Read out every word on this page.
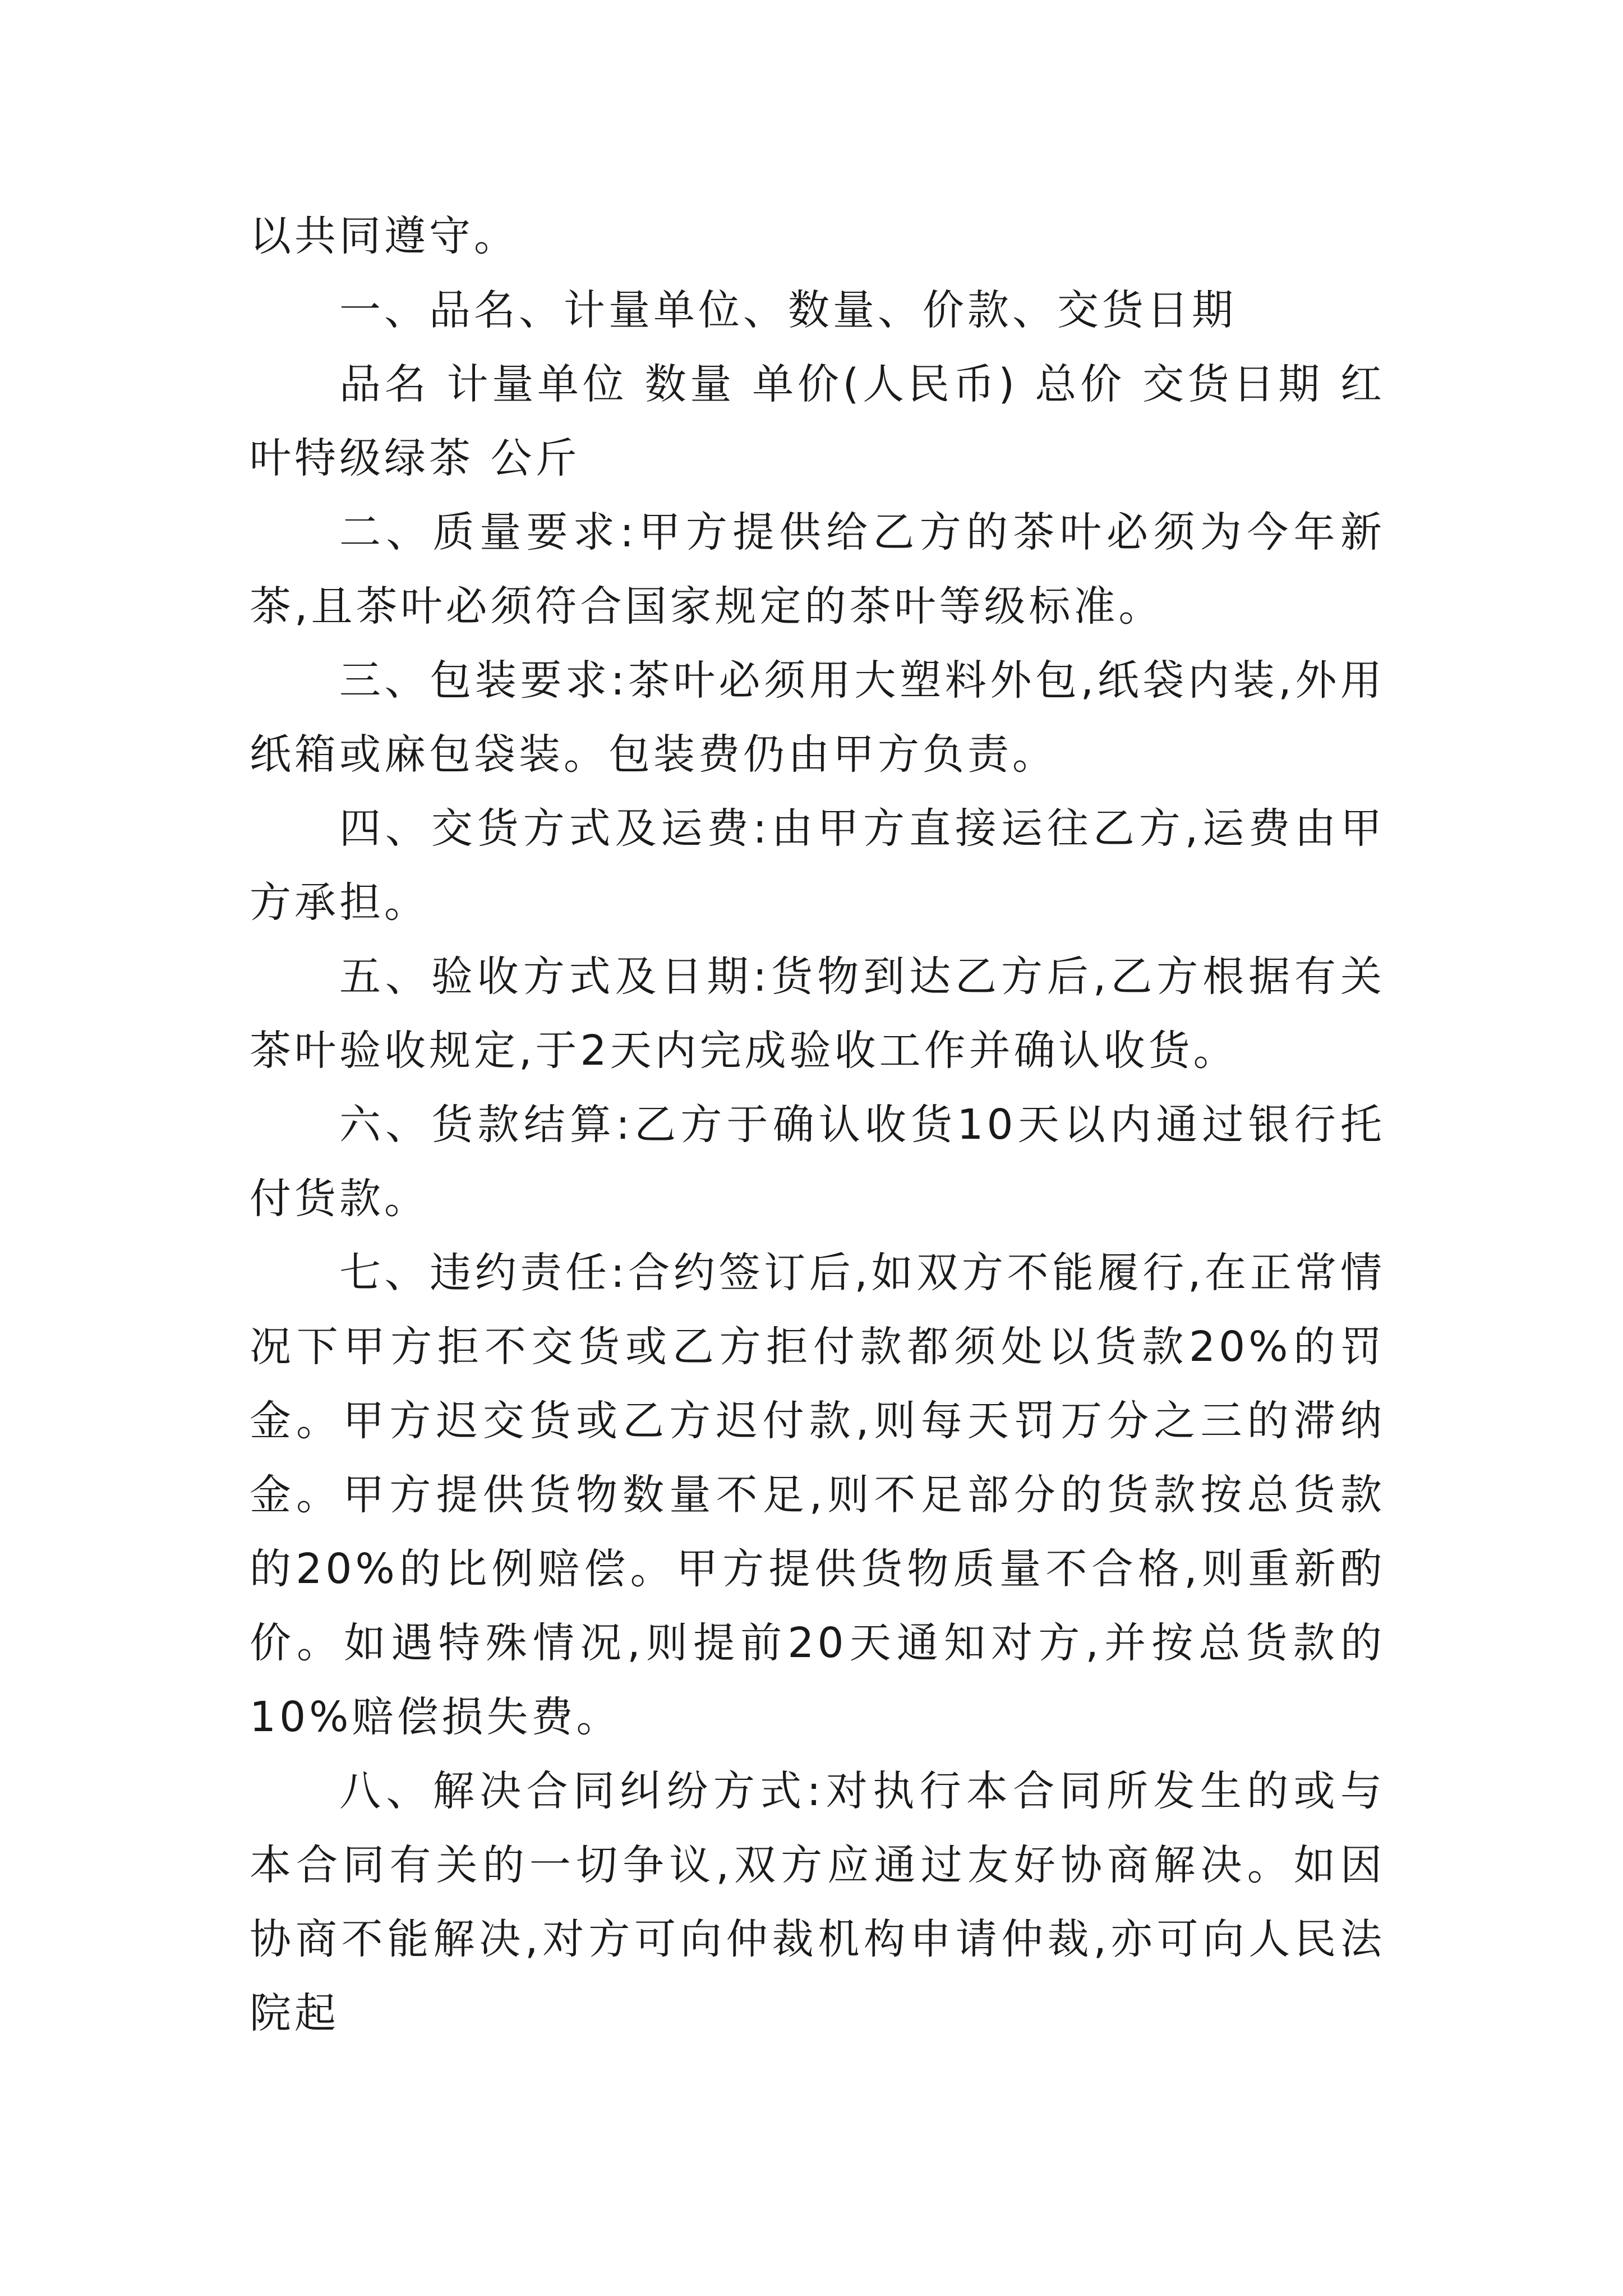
以共同遵守。

一、品名、计量单位、数量、价款、交货日期

品名 计量单位 数量 单价(人民币) 总价 交货日期 红叶特级绿茶 公斤

二、质量要求:甲方提供给乙方的茶叶必须为今年新茶,且茶叶必须符合国家规定的茶叶等级标准。

三、包装要求:茶叶必须用大塑料外包,纸袋内装,外用纸箱或麻包袋装。包装费仍由甲方负责。

四、交货方式及运费:由甲方直接运往乙方,运费由甲方承担。

五、验收方式及日期:货物到达乙方后,乙方根据有关茶叶验收规定,于2天内完成验收工作并确认收货。

六、货款结算:乙方于确认收货10天以内通过银行托付货款。

七、违约责任:合约签订后,如双方不能履行,在正常情况下甲方拒不交货或乙方拒付款都须处以货款20%的罚金。甲方迟交货或乙方迟付款,则每天罚万分之三的滞纳金。甲方提供货物数量不足,则不足部分的货款按总货款的20%的比例赔偿。甲方提供货物质量不合格,则重新酌价。如遇特殊情况,则提前20天通知对方,并按总货款的10%赔偿损失费。

八、解决合同纠纷方式:对执行本合同所发生的或与本合同有关的一切争议,双方应通过友好协商解决。如因协商不能解决,对方可向仲裁机构申请仲裁,亦可向人民法院起
